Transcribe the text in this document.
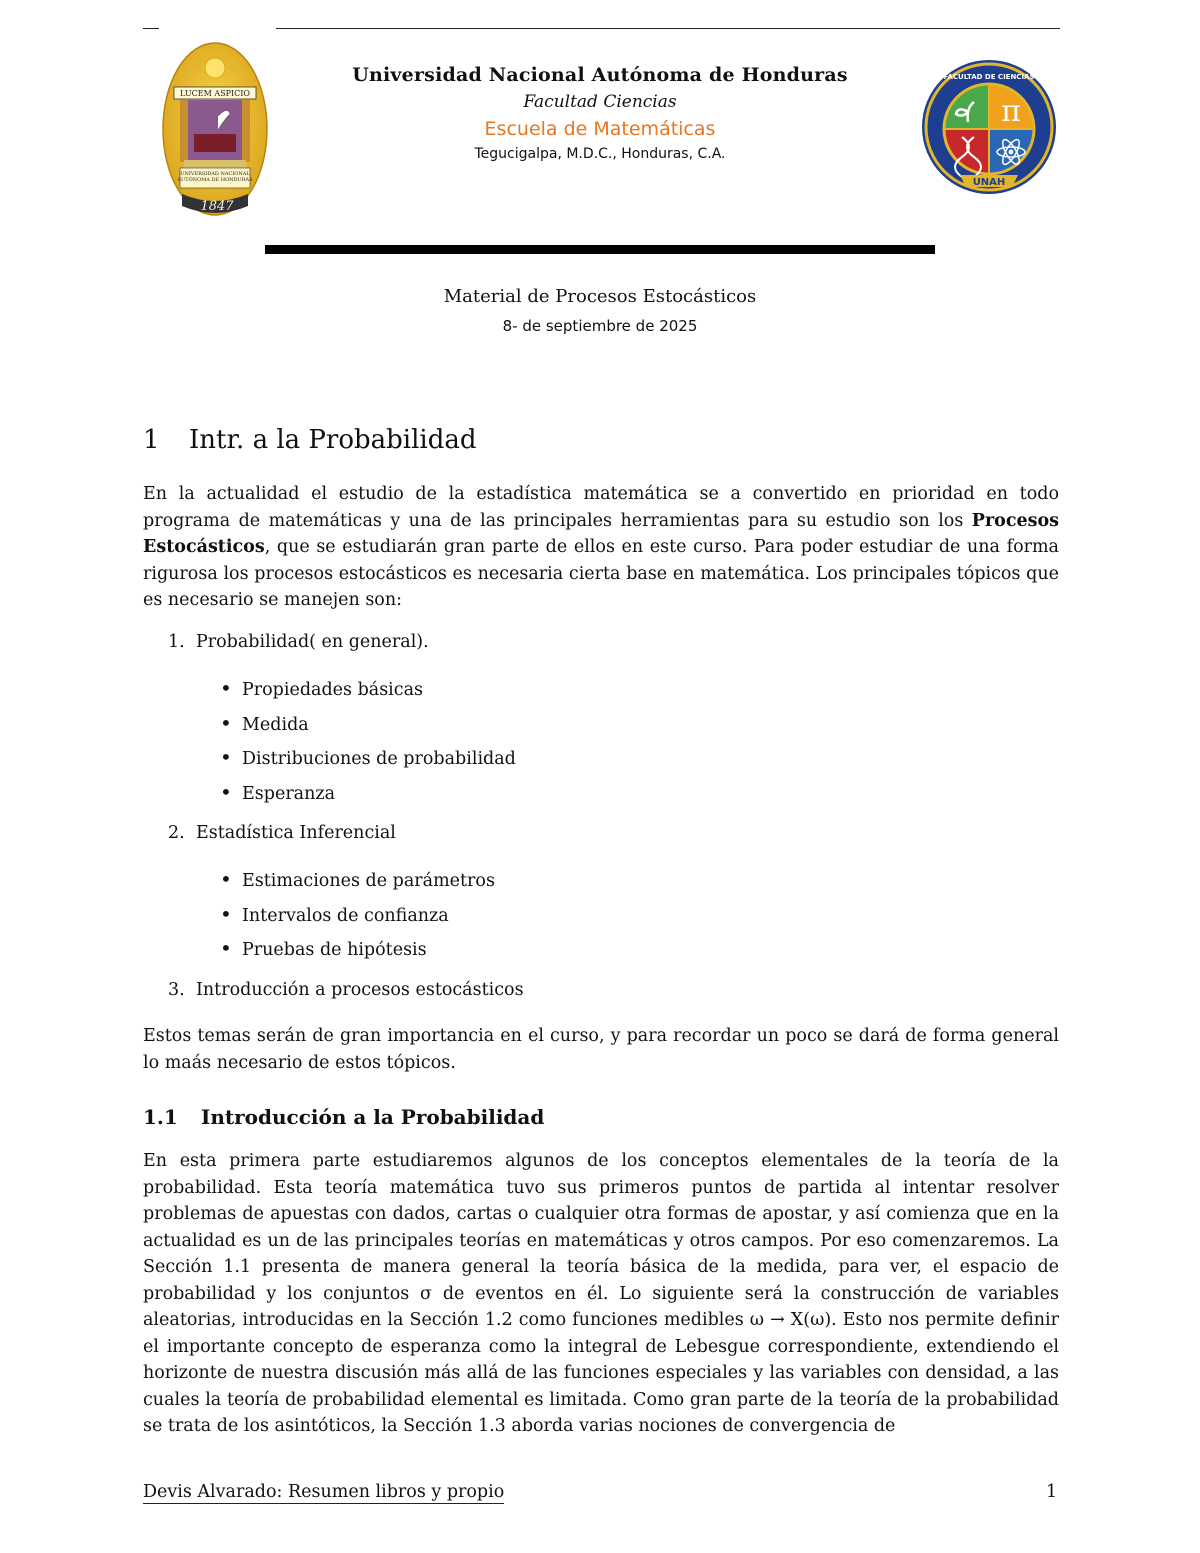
LUCEM ASPICIO
UNIVERSIDAD NACIONAL
AUTÓNOMA DE HONDURAS
1847
FACULTAD DE CIENCIAS
π
UNAH
Universidad Nacional Autónoma de Honduras
Facultad Ciencias
Escuela de Matemáticas
Tegucigalpa, M.D.C., Honduras, C.A.
Material de Procesos Estocásticos
8- de septiembre de 2025
1 Intr. a la Probabilidad
En la actualidad el estudio de la estadística matemática se a convertido en prioridad en todo programa de matemáticas y una de las principales herramientas para su estudio son los Procesos Estocásticos, que se estudiarán gran parte de ellos en este curso. Para poder estudiar de una forma rigurosa los procesos estocásticos es necesaria cierta base en matemática. Los principales tópicos que es necesario se manejen son:
1. Probabilidad( en general).
• Propiedades básicas
• Medida
• Distribuciones de probabilidad
• Esperanza
2. Estadística Inferencial
• Estimaciones de parámetros
• Intervalos de confianza
• Pruebas de hipótesis
3. Introducción a procesos estocásticos
Estos temas serán de gran importancia en el curso, y para recordar un poco se dará de forma general lo maás necesario de estos tópicos.
1.1 Introducción a la Probabilidad
En esta primera parte estudiaremos algunos de los conceptos elementales de la teoría de la probabilidad. Esta teoría matemática tuvo sus primeros puntos de partida al intentar resolver problemas de apuestas con dados, cartas o cualquier otra formas de apostar, y así comienza que en la actualidad es un de las principales teorías en matemáticas y otros campos. Por eso comenzaremos. La Sección 1.1 presenta de manera general la teoría básica de la medida, para ver, el espacio de probabilidad y los conjuntos σ de eventos en él. Lo siguiente será la construcción de variables aleatorias, introducidas en la Sección 1.2 como funciones medibles ω → X(ω). Esto nos permite definir el importante concepto de esperanza como la integral de Lebesgue correspondiente, extendiendo el horizonte de nuestra discusión más allá de las funciones especiales y las variables con densidad, a las cuales la teoría de probabilidad elemental es limitada. Como gran parte de la teoría de la probabilidad se trata de los asintóticos, la Sección 1.3 aborda varias nociones de convergencia de
Devis Alvarado: Resumen libros y propio	1
